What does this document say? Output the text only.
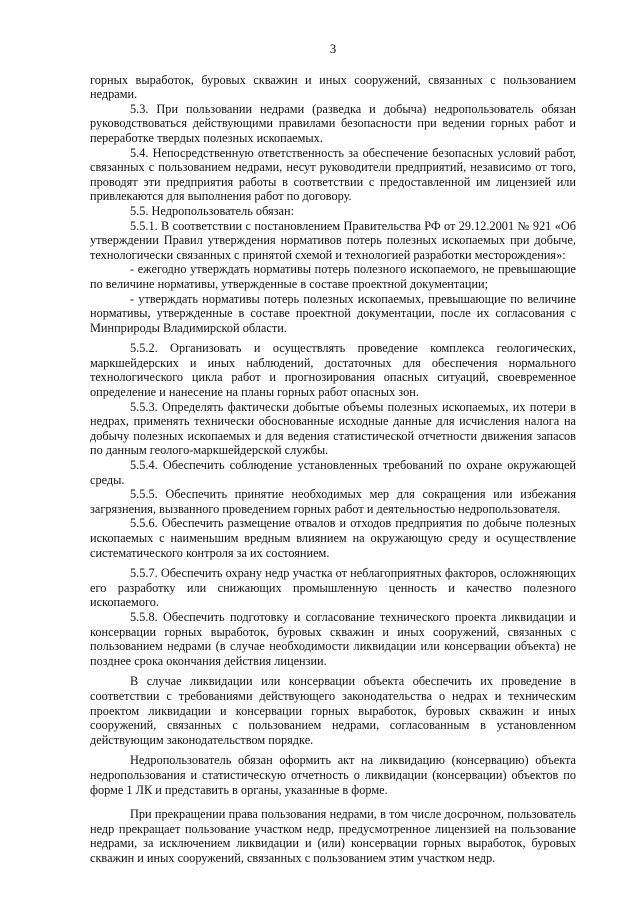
3

горных выработок, буровых скважин и иных сооружений, связанных с пользованием недрами.

5.3. При пользовании недрами (разведка и добыча) недропользователь обязан руководствоваться действующими правилами безопасности при ведении горных работ и переработке твердых полезных ископаемых.

5.4. Непосредственную ответственность за обеспечение безопасных условий работ, связанных с пользованием недрами, несут руководители предприятий, независимо от того, проводят эти предприятия работы в соответствии с предоставленной им лицензией или привлекаются для выполнения работ по договору.

5.5. Недропользователь обязан:

5.5.1. В соответствии с постановлением Правительства РФ от 29.12.2001 № 921 «Об утверждении Правил утверждения нормативов потерь полезных ископаемых при добыче, технологически связанных с принятой схемой и технологией разработки месторождения»:

- ежегодно утверждать нормативы потерь полезного ископаемого, не превышающие по величине нормативы, утвержденные в составе проектной документации;

- утверждать нормативы потерь полезных ископаемых, превышающие по величине нормативы, утвержденные в составе проектной документации, после их согласования с Минприроды Владимирской области.

5.5.2. Организовать и осуществлять проведение комплекса геологических, маркшейдерских и иных наблюдений, достаточных для обеспечения нормального технологического цикла работ и прогнозирования опасных ситуаций, своевременное определение и нанесение на планы горных работ опасных зон.

5.5.3. Определять фактически добытые объемы полезных ископаемых, их потери в недрах, применять технически обоснованные исходные данные для исчисления налога на добычу полезных ископаемых и для ведения статистической отчетности движения запасов по данным геолого-маркшейдерской службы.

5.5.4. Обеспечить соблюдение установленных требований по охране окружающей среды.

5.5.5. Обеспечить принятие необходимых мер для сокращения или избежания загрязнения, вызванного проведением горных работ и деятельностью недропользователя.

5.5.6. Обеспечить размещение отвалов и отходов предприятия по добыче полезных ископаемых с наименьшим вредным влиянием на окружающую среду и осуществление систематического контроля за их состоянием.

5.5.7. Обеспечить охрану недр участка от неблагоприятных факторов, осложняющих его разработку или снижающих промышленную ценность и качество полезного ископаемого.

5.5.8. Обеспечить подготовку и согласование технического проекта ликвидации и консервации горных выработок, буровых скважин и иных сооружений, связанных с пользованием недрами (в случае необходимости ликвидации или консервации объекта) не позднее срока окончания действия лицензии.

В случае ликвидации или консервации объекта обеспечить их проведение в соответствии с требованиями действующего законодательства о недрах и техническим проектом ликвидации и консервации горных выработок, буровых скважин и иных сооружений, связанных с пользованием недрами, согласованным в установленном действующим законодательством порядке.

Недропользователь обязан оформить акт на ликвидацию (консервацию) объекта недропользования и статистическую отчетность о ликвидации (консервации) объектов по форме 1 ЛК и представить в органы, указанные в форме.

При прекращении права пользования недрами, в том числе досрочном, пользователь недр прекращает пользование участком недр, предусмотренное лицензией на пользование недрами, за исключением ликвидации и (или) консервации горных выработок, буровых скважин и иных сооружений, связанных с пользованием этим участком недр.
